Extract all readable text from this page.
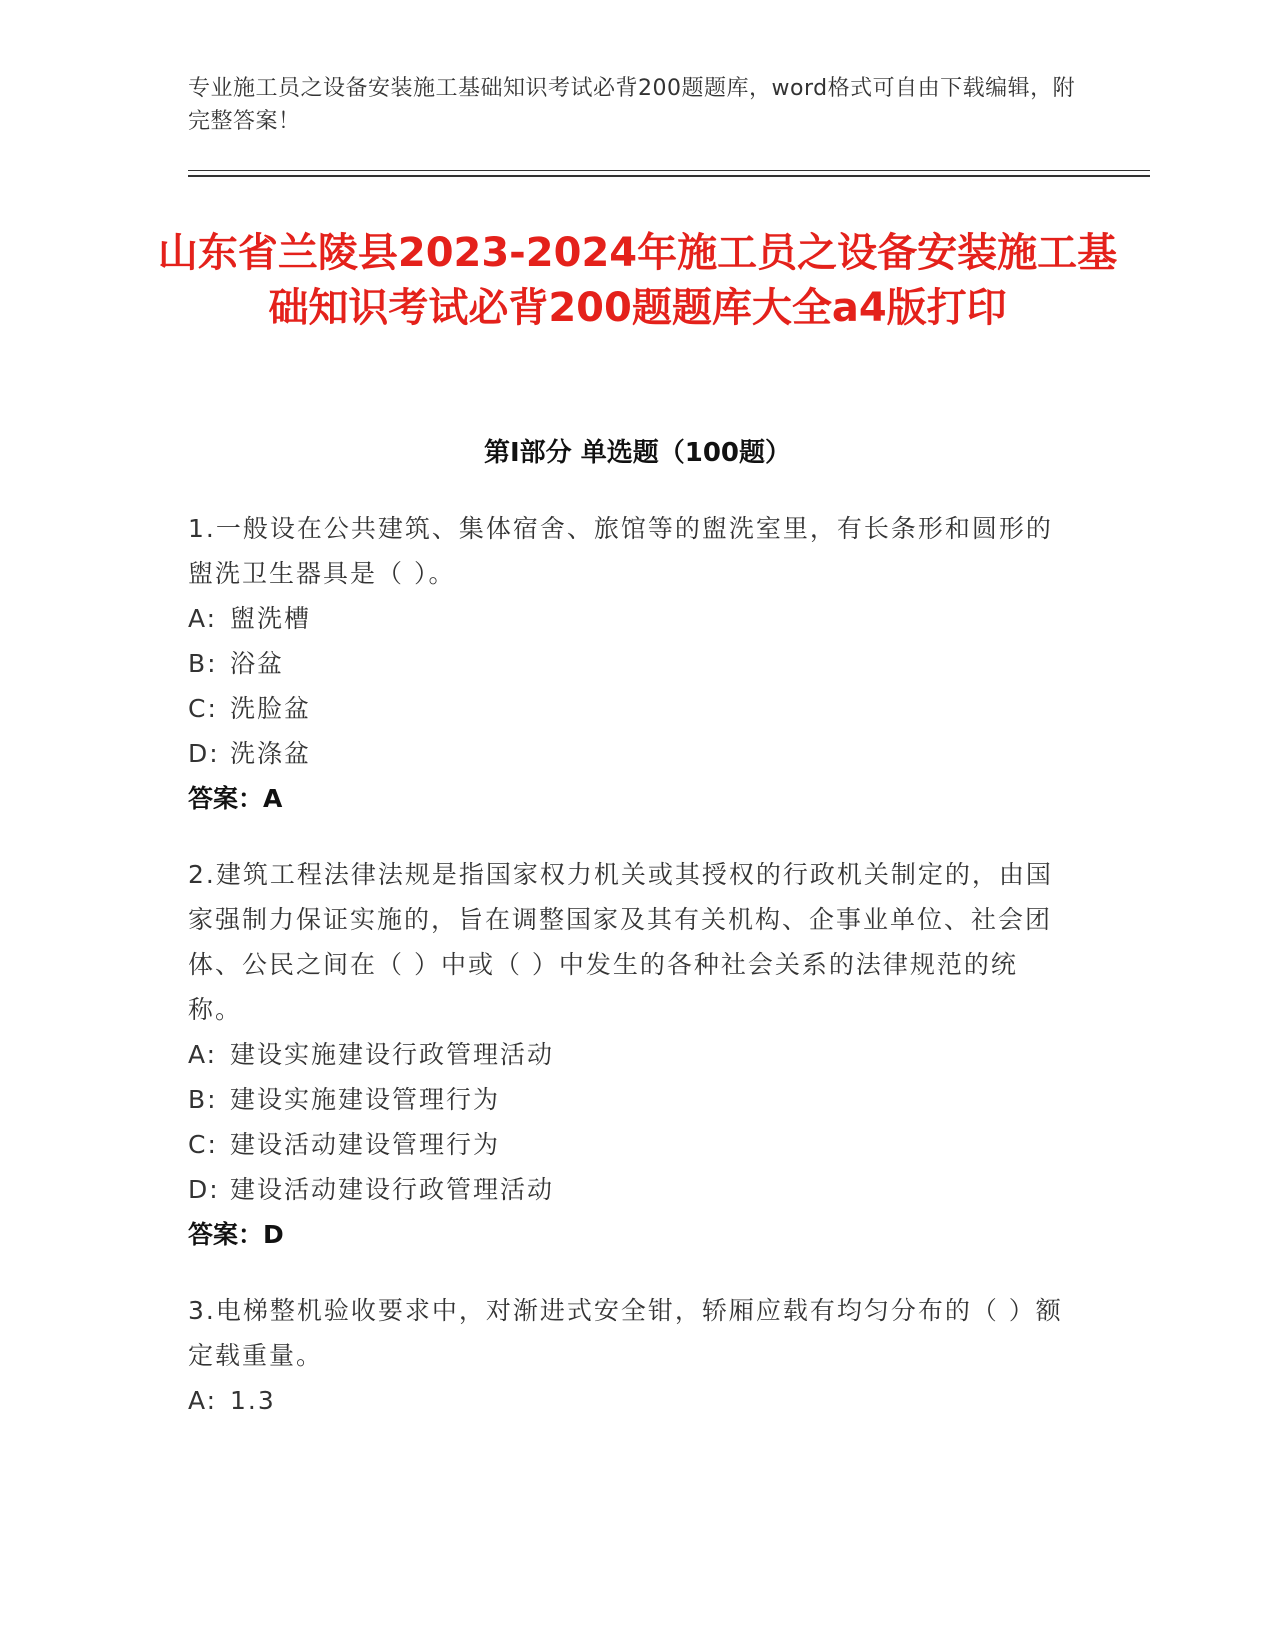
专业施工员之设备安装施工基础知识考试必背200题题库，word格式可自由下载编辑，附完整答案！
山东省兰陵县2023-2024年施工员之设备安装施工基础知识考试必背200题题库大全a4版打印
第Ⅰ部分 单选题（100题）

1.一般设在公共建筑、集体宿舍、旅馆等的盥洗室里，有长条形和圆形的盥洗卫生器具是（ ）。

A: 盥洗槽
B: 浴盆
C: 洗脸盆
D: 洗涤盆
答案：A

2.建筑工程法律法规是指国家权力机关或其授权的行政机关制定的，由国家强制力保证实施的，旨在调整国家及其有关机构、企事业单位、社会团体、公民之间在（ ）中或（ ）中发生的各种社会关系的法律规范的统称。

A: 建设实施建设行政管理活动
B: 建设实施建设管理行为
C: 建设活动建设管理行为
D: 建设活动建设行政管理活动
答案：D

3.电梯整机验收要求中，对渐进式安全钳，轿厢应载有均匀分布的（ ）额定载重量。

A: 1.3
